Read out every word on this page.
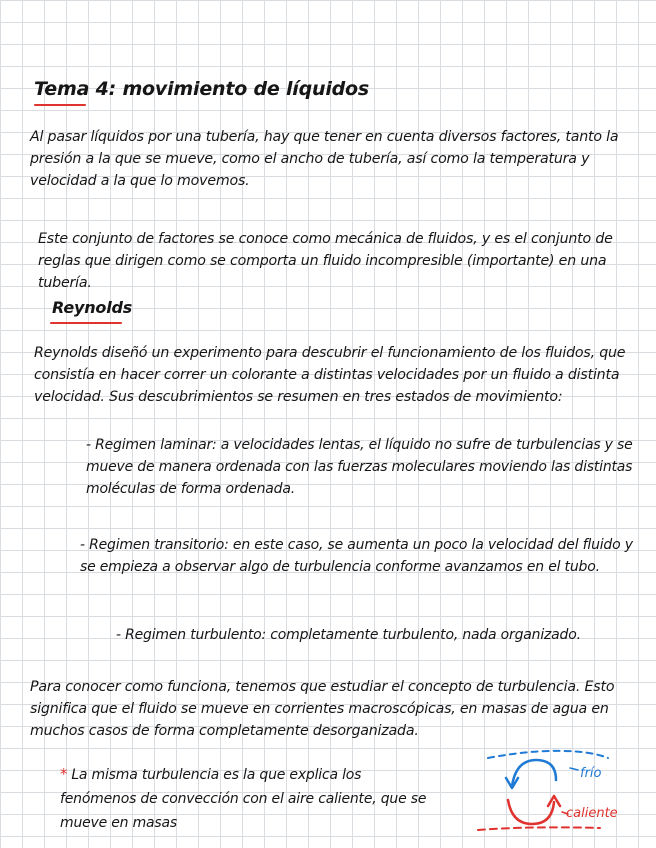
Tema 4: movimiento de líquidos

Al pasar líquidos por una tubería, hay que tener en cuenta diversos factores, tanto la presión a la que se mueve, como el ancho de tubería, así como la temperatura y velocidad a la que lo movemos.

Este conjunto de factores se conoce como mecánica de fluidos, y es el conjunto de reglas que dirigen como se comporta un fluido incompresible (importante) en una tubería.

Reynolds

Reynolds diseñó un experimento para descubrir el funcionamiento de los fluidos, que consistía en hacer correr un colorante a distintas velocidades por un fluido a distinta velocidad. Sus descubrimientos se resumen en tres estados de movimiento:

- Regimen laminar: a velocidades lentas, el líquido no sufre de turbulencias y se mueve de manera ordenada con las fuerzas moleculares moviendo las distintas moléculas de forma ordenada.

- Regimen transitorio: en este caso, se aumenta un poco la velocidad del fluido y se empieza a observar algo de turbulencia conforme avanzamos en el tubo.

- Regimen turbulento: completamente turbulento, nada organizado.

Para conocer como funciona, tenemos que estudiar el concepto de turbulencia. Esto significa que el fluido se mueve en corrientes macroscópicas, en masas de agua en muchos casos de forma completamente desorganizada.

* La misma turbulencia es la que explica los fenómenos de convección con el aire caliente, que se mueve en masas

frío

caliente
